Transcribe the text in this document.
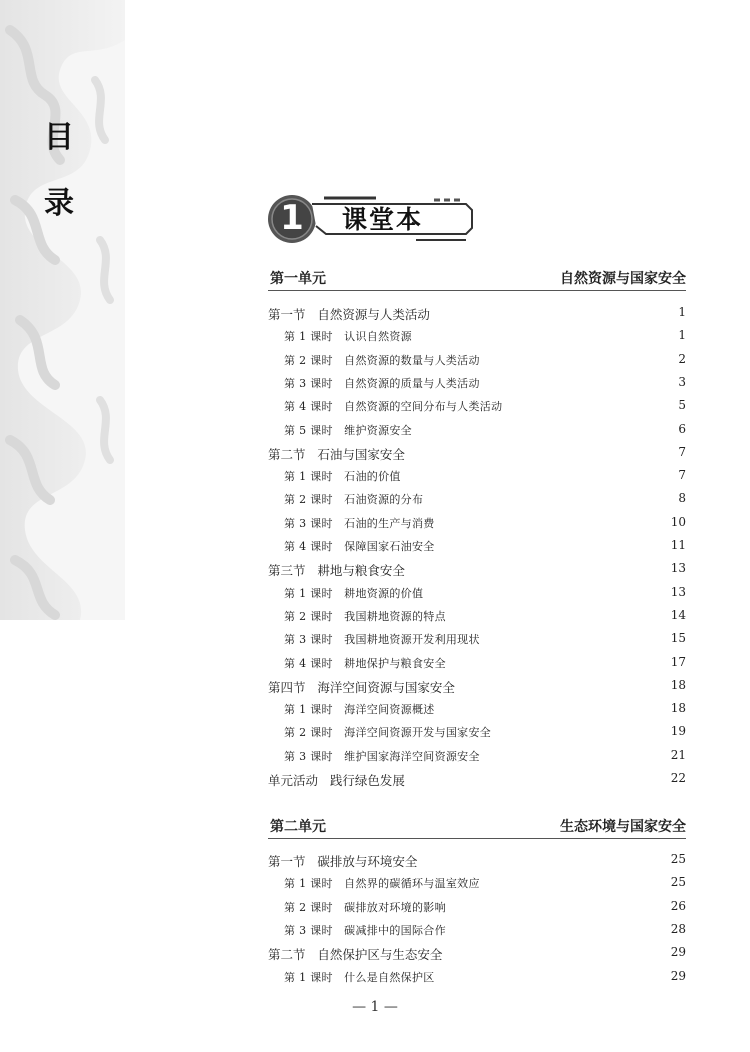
目
录	1	课堂本
第一单元	自然资源与国家安全
第一节   自然资源与人类活动	1
第 1 课时   认识自然资源	1
第 2 课时   自然资源的数量与人类活动	2
第 3 课时   自然资源的质量与人类活动	3
第 4 课时   自然资源的空间分布与人类活动	5
第 5 课时   维护资源安全	6
第二节   石油与国家安全	7
第 1 课时   石油的价值	7
第 2 课时   石油资源的分布	8
第 3 课时   石油的生产与消费	10
第 4 课时   保障国家石油安全	11
第三节   耕地与粮食安全	13
第 1 课时   耕地资源的价值	13
第 2 课时   我国耕地资源的特点	14
第 3 课时   我国耕地资源开发利用现状	15
第 4 课时   耕地保护与粮食安全	17
第四节   海洋空间资源与国家安全	18
第 1 课时   海洋空间资源概述	18
第 2 课时   海洋空间资源开发与国家安全	19
第 3 课时   维护国家海洋空间资源安全	21
单元活动   践行绿色发展	22
第二单元	生态环境与国家安全
第一节   碳排放与环境安全	25
第 1 课时   自然界的碳循环与温室效应	25
第 2 课时   碳排放对环境的影响	26
第 3 课时   碳减排中的国际合作	28
第二节   自然保护区与生态安全	29
第 1 课时   什么是自然保护区	29
— 1 —
